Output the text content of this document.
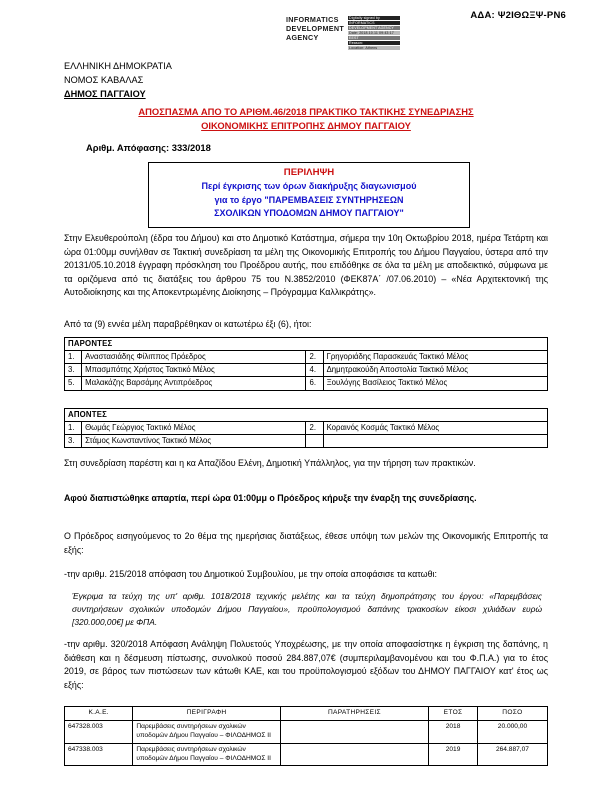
ΑΔΑ: Ψ2ΙΘΩΞΨ-ΡΝ6
INFORMATICS
DEVELOPMENT
AGENCY
Digitally signed by
INFORMATICS
DEVELOPMENT AGENCY
Date: 2018.10.11 09:43:17
EEST
Reason:
Location: Athens
ΕΛΛΗΝΙΚΗ ΔΗΜΟΚΡΑΤΙΑ
ΝΟΜΟΣ ΚΑΒΑΛΑΣ
ΔΗΜΟΣ ΠΑΓΓΑΙΟΥ
ΑΠΟΣΠΑΣΜΑ ΑΠΟ ΤΟ ΑΡΙΘΜ.46/2018 ΠΡΑΚΤΙΚΟ ΤΑΚΤΙΚΗΣ ΣΥΝΕΔΡΙΑΣΗΣ
ΟΙΚΟΝΟΜΙΚΗΣ ΕΠΙΤΡΟΠΗΣ ΔΗΜΟΥ ΠΑΓΓΑΙΟΥ
Αριθμ. Απόφασης: 333/2018
ΠΕΡΙΛΗΨΗ
Περί έγκρισης των όρων διακήρυξης διαγωνισμού
για το έργο "ΠΑΡΕΜΒΑΣΕΙΣ ΣΥΝΤΗΡΗΣΕΩΝ
ΣΧΟΛΙΚΩΝ ΥΠΟΔΟΜΩΝ ΔΗΜΟΥ ΠΑΓΓΑΙΟΥ"
Στην Ελευθερούπολη (έδρα του Δήμου) και στο Δημοτικό Κατάστημα, σήμερα την 10η Οκτωβρίου 2018, ημέρα Τετάρτη και ώρα 01:00μμ συνήλθαν σε Τακτική συνεδρίαση τα μέλη της Οικονομικής Επιτροπής του Δήμου Παγγαίου, ύστερα από την 20131/05.10.2018 έγγραφη πρόσκληση του Προέδρου αυτής, που επιδόθηκε σε όλα τα μέλη με αποδεικτικό, σύμφωνα με τα οριζόμενα από τις διατάξεις του άρθρου 75 του Ν.3852/2010 (ΦΕΚ87Α΄ /07.06.2010) – «Νέα Αρχιτεκτονική της Αυτοδιοίκησης και της Αποκεντρωμένης Διοίκησης – Πρόγραμμα Καλλικράτης».
Από τα (9) εννέα μέλη παραβρέθηκαν οι κατωτέρω έξι (6), ήτοι:
ΠΑΡΟΝΤΕΣ			
1.	Αναστασιάδης Φίλιππος Πρόεδρος	2.	Γρηγοριάδης Παρασκευάς Τακτικό Μέλος
3.	Μπασμπότης Χρήστος Τακτικό Μέλος	4.	Δημητρακούδη Αποστολία Τακτικό Μέλος
5.	Μαλακάζης Βαρσάμης Αντιπρόεδρος	6.	Ξουλόγης Βασίλειος Τακτικό Μέλος
ΑΠΟΝΤΕΣ			
1.	Θωμάς Γεώργιος Τακτικό Μέλος	2.	Κοραινός Κοσμάς Τακτικό Μέλος
3.	Στάμος Κωνσταντίνος Τακτικό Μέλος		
Στη συνεδρίαση παρέστη και η κα Απαζίδου Ελένη, Δημοτική Υπάλληλος, για την τήρηση των πρακτικών.
Αφού διαπιστώθηκε απαρτία, περί ώρα 01:00μμ ο Πρόεδρος κήρυξε την έναρξη της συνεδρίασης.
Ο Πρόεδρος εισηγούμενος το 2ο θέμα της ημερήσιας διατάξεως, έθεσε υπόψη των μελών της Οικονομικής Επιτροπής τα εξής:
-την αριθμ. 215/2018 απόφαση του Δημοτικού Συμβουλίου, με την οποία αποφάσισε τα κατωθι:
Έγκριμα τα τεύχη της υπ' αριθμ. 1018/2018 τεχνικής μελέτης και τα τεύχη δημοπράτησης του έργου: «Παρεμβάσεις συντηρήσεων σχολικών υποδομών Δήμου Παγγαίου», προϋπολογισμού δαπάνης τριακοσίων είκοσι χιλιάδων ευρώ [320.000,00€] με ΦΠΑ.
-την αριθμ. 320/2018 Απόφαση Ανάληψη Πολυετούς Υποχρέωσης, με την οποία αποφασίστηκε η έγκριση της δαπάνης, η διάθεση και η δέσμευση πίστωσης, συνολικού ποσού 284.887,07€ (συμπεριλαμβανομένου και του Φ.Π.Α.) για το έτος 2019, σε βάρος των πιστώσεων των κάτωθι ΚΑΕ, και του προϋπολογισμού εξόδων του ΔΗΜΟΥ ΠΑΓΓΑΙΟΥ κατ' έτος ως εξής:
Κ.Α.Ε.	ΠΕΡΙΓΡΑΦΗ	ΠΑΡΑΤΗΡΗΣΕΙΣ	ΕΤΟΣ	ΠΟΣΟ
647328.003	Παρεμβάσεις συντηρήσεων σχολικών υποδομών Δήμου Παγγαίου – ΦΙΛΟΔΗΜΟΣ II		2018	20.000,00
647338.003	Παρεμβάσεις συντηρήσεων σχολικών υποδομών Δήμου Παγγαίου – ΦΙΛΟΔΗΜΟΣ II		2019	264.887,07
